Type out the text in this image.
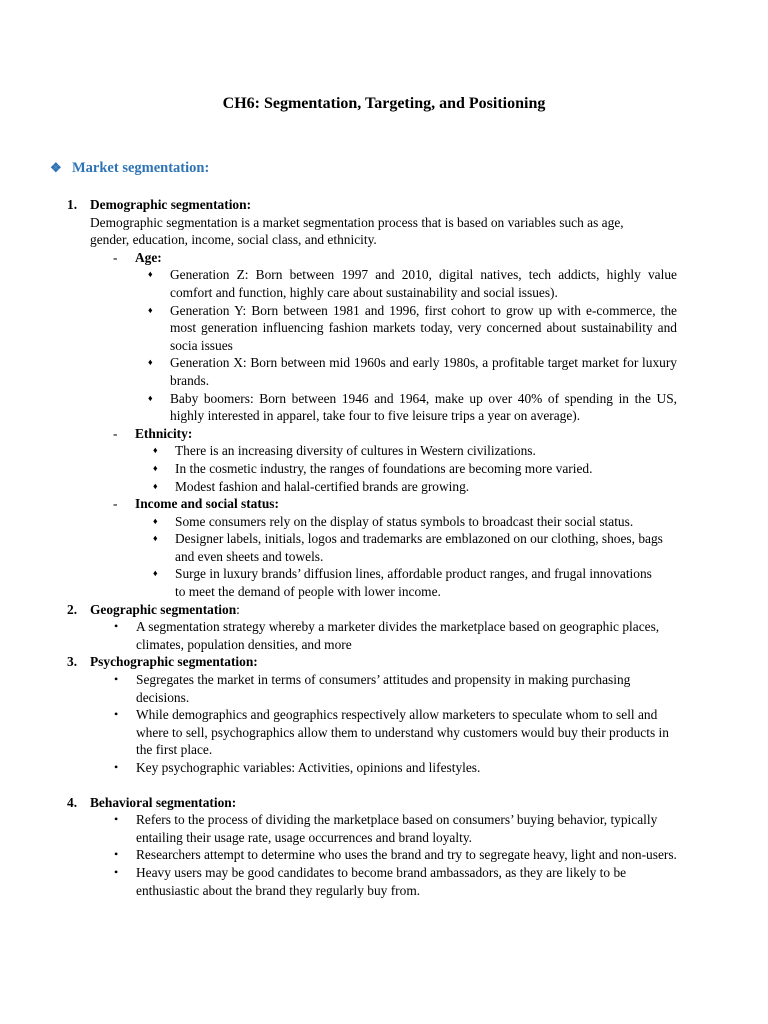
CH6: Segmentation, Targeting, and Positioning
❖ Market segmentation:
1. Demographic segmentation:
Demographic segmentation is a market segmentation process that is based on variables such as age, gender, education, income, social class, and ethnicity.
- Age:
♦ Generation Z: Born between 1997 and 2010, digital natives, tech addicts, highly value comfort and function, highly care about sustainability and social issues).
♦ Generation Y: Born between 1981 and 1996, first cohort to grow up with e-commerce, the most generation influencing fashion markets today, very concerned about sustainability and socia issues
♦ Generation X: Born between mid 1960s and early 1980s, a profitable target market for luxury brands.
♦ Baby boomers: Born between 1946 and 1964, make up over 40% of spending in the US, highly interested in apparel, take four to five leisure trips a year on average).
- Ethnicity:
♦ There is an increasing diversity of cultures in Western civilizations.
♦ In the cosmetic industry, the ranges of foundations are becoming more varied.
♦ Modest fashion and halal-certified brands are growing.
- Income and social status:
♦ Some consumers rely on the display of status symbols to broadcast their social status.
♦ Designer labels, initials, logos and trademarks are emblazoned on our clothing, shoes, bags and even sheets and towels.
♦ Surge in luxury brands’ diffusion lines, affordable product ranges, and frugal innovations to meet the demand of people with lower income.
2. Geographic segmentation:
• A segmentation strategy whereby a marketer divides the marketplace based on geographic places, climates, population densities, and more
3. Psychographic segmentation:
• Segregates the market in terms of consumers’ attitudes and propensity in making purchasing decisions.
• While demographics and geographics respectively allow marketers to speculate whom to sell and where to sell, psychographics allow them to understand why customers would buy their products in the first place.
• Key psychographic variables: Activities, opinions and lifestyles.
4. Behavioral segmentation:
• Refers to the process of dividing the marketplace based on consumers’ buying behavior, typically entailing their usage rate, usage occurrences and brand loyalty.
• Researchers attempt to determine who uses the brand and try to segregate heavy, light and non-users.
• Heavy users may be good candidates to become brand ambassadors, as they are likely to be enthusiastic about the brand they regularly buy from.
